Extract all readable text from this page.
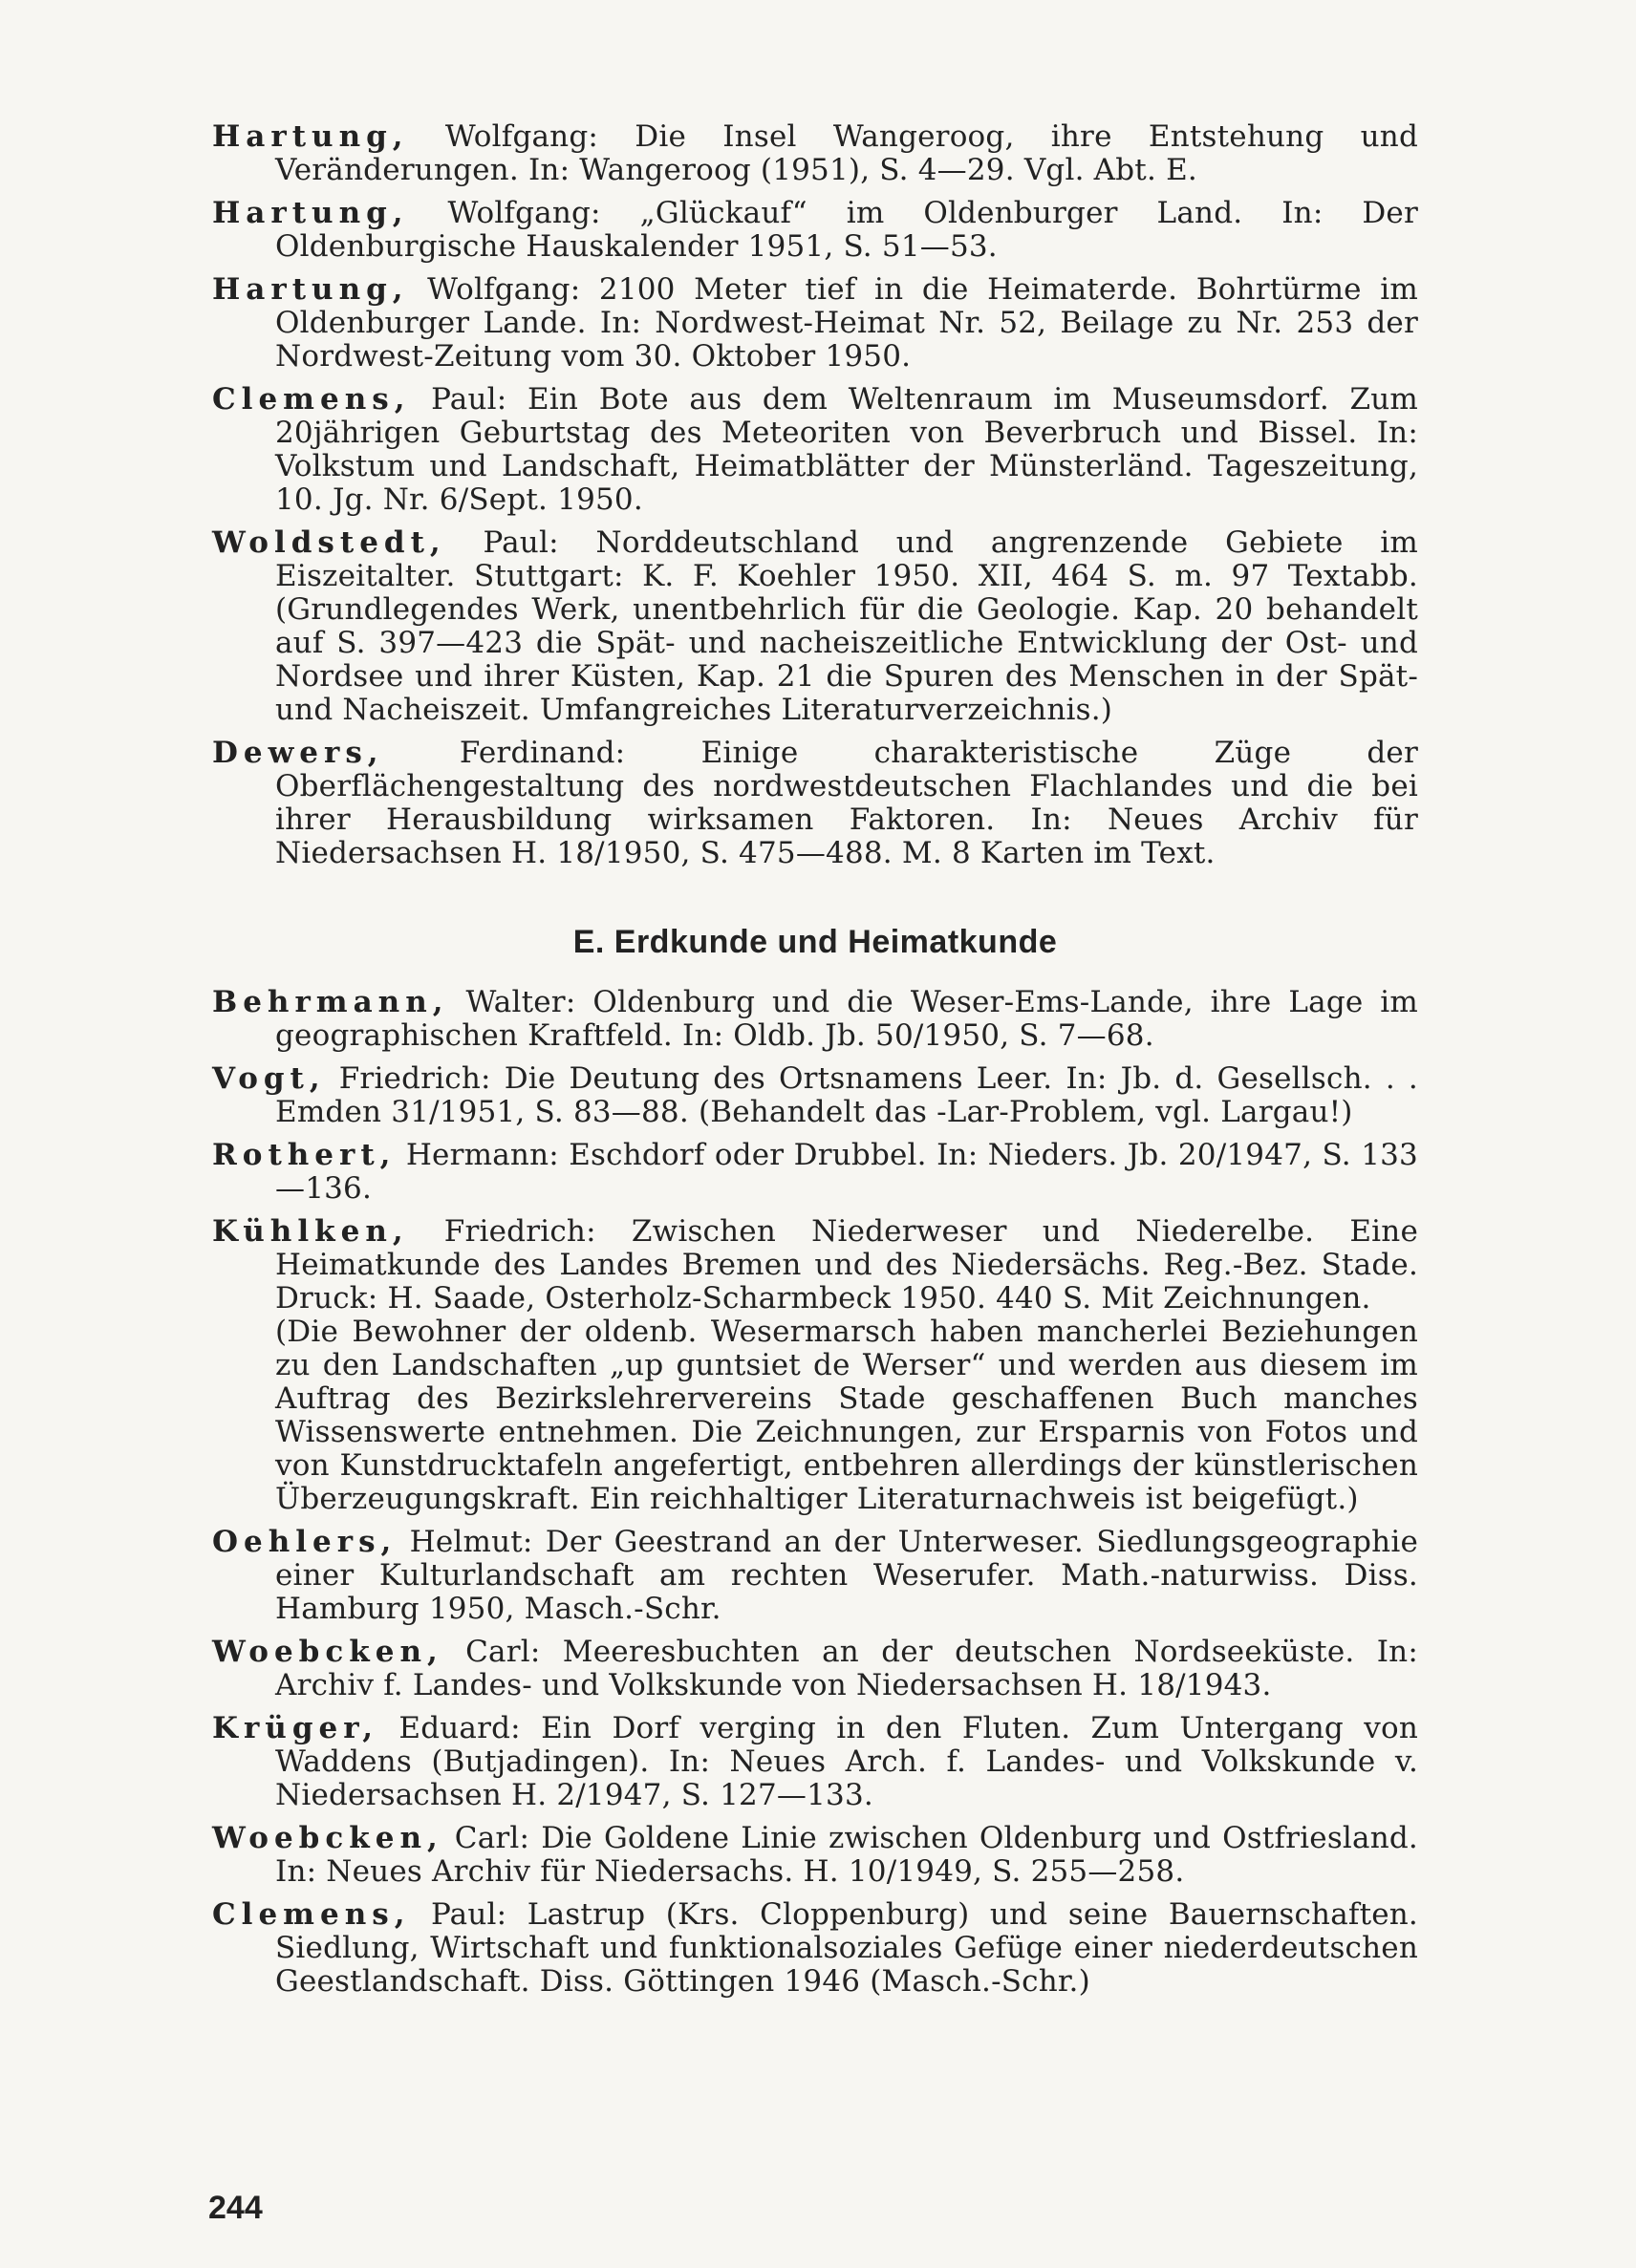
Hartung, Wolfgang: Die Insel Wangeroog, ihre Entstehung und Veränderungen. In: Wangeroog (1951), S. 4—29. Vgl. Abt. E.
Hartung, Wolfgang: „Glückauf“ im Oldenburger Land. In: Der Oldenburgische Hauskalender 1951, S. 51—53.
Hartung, Wolfgang: 2100 Meter tief in die Heimaterde. Bohrtürme im Oldenburger Lande. In: Nordwest-Heimat Nr. 52, Beilage zu Nr. 253 der Nordwest-Zeitung vom 30. Oktober 1950.
Clemens, Paul: Ein Bote aus dem Weltenraum im Museumsdorf. Zum 20jährigen Geburtstag des Meteoriten von Beverbruch und Bissel. In: Volkstum und Landschaft, Heimatblätter der Münsterländ. Tageszeitung, 10. Jg. Nr. 6/Sept. 1950.
Woldstedt, Paul: Norddeutschland und angrenzende Gebiete im Eiszeitalter. Stuttgart: K. F. Koehler 1950. XII, 464 S. m. 97 Textabb. (Grundlegendes Werk, unentbehrlich für die Geologie. Kap. 20 behandelt auf S. 397—423 die Spät- und nacheiszeitliche Entwicklung der Ost- und Nordsee und ihrer Küsten, Kap. 21 die Spuren des Menschen in der Spät- und Nacheiszeit. Umfangreiches Literaturverzeichnis.)
Dewers, Ferdinand: Einige charakteristische Züge der Oberflächengestaltung des nordwestdeutschen Flachlandes und die bei ihrer Herausbildung wirksamen Faktoren. In: Neues Archiv für Niedersachsen H. 18/1950, S. 475—488. M. 8 Karten im Text.
E. Erdkunde und Heimatkunde
Behrmann, Walter: Oldenburg und die Weser-Ems-Lande, ihre Lage im geographischen Kraftfeld. In: Oldb. Jb. 50/1950, S. 7—68.
Vogt, Friedrich: Die Deutung des Ortsnamens Leer. In: Jb. d. Gesellsch. . . Emden 31/1951, S. 83—88. (Behandelt das -Lar-Problem, vgl. Largau!)
Rothert, Hermann: Eschdorf oder Drubbel. In: Nieders. Jb. 20/1947, S. 133—136.
Kühlken, Friedrich: Zwischen Niederweser und Niederelbe. Eine Heimatkunde des Landes Bremen und des Niedersächs. Reg.-Bez. Stade. Druck: H. Saade, Osterholz-Scharmbeck 1950. 440 S. Mit Zeichnungen.
(Die Bewohner der oldenb. Wesermarsch haben mancherlei Beziehungen zu den Landschaften „up guntsiet de Werser“ und werden aus diesem im Auftrag des Bezirkslehrervereins Stade geschaffenen Buch manches Wissenswerte entnehmen. Die Zeichnungen, zur Ersparnis von Fotos und von Kunstdrucktafeln angefertigt, entbehren allerdings der künstlerischen Überzeugungskraft. Ein reichhaltiger Literaturnachweis ist beigefügt.)
Oehlers, Helmut: Der Geestrand an der Unterweser. Siedlungsgeographie einer Kulturlandschaft am rechten Weserufer. Math.-naturwiss. Diss. Hamburg 1950, Masch.-Schr.
Woebcken, Carl: Meeresbuchten an der deutschen Nordseeküste. In: Archiv f. Landes- und Volkskunde von Niedersachsen H. 18/1943.
Krüger, Eduard: Ein Dorf verging in den Fluten. Zum Untergang von Waddens (Butjadingen). In: Neues Arch. f. Landes- und Volkskunde v. Niedersachsen H. 2/1947, S. 127—133.
Woebcken, Carl: Die Goldene Linie zwischen Oldenburg und Ostfriesland. In: Neues Archiv für Niedersachs. H. 10/1949, S. 255—258.
Clemens, Paul: Lastrup (Krs. Cloppenburg) und seine Bauernschaften. Siedlung, Wirtschaft und funktionalsoziales Gefüge einer niederdeutschen Geestlandschaft. Diss. Göttingen 1946 (Masch.-Schr.)
244
